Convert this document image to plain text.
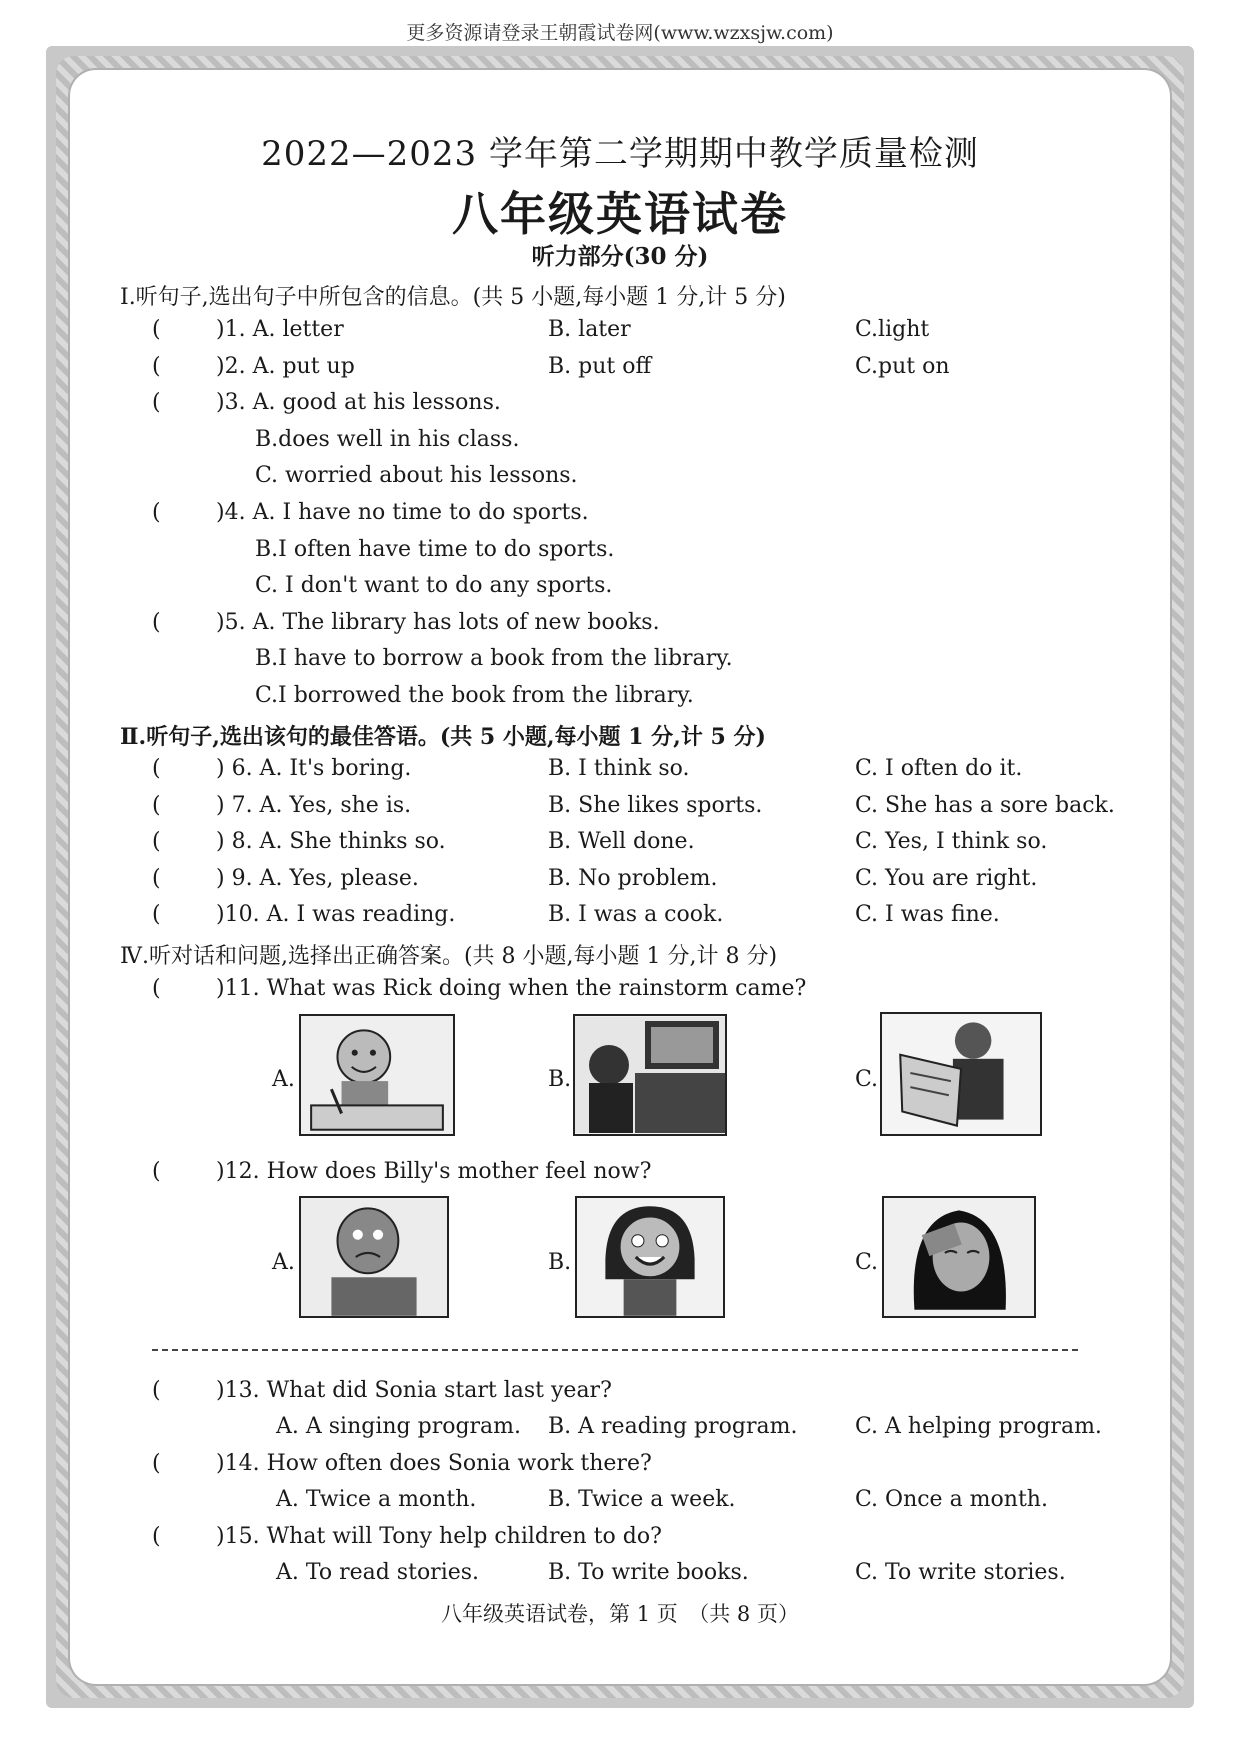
更多资源请登录王朝霞试卷网(www.wzxsjw.com)
2022—2023 学年第二学期期中教学质量检测
八年级英语试卷
听力部分(30 分)
Ⅰ.听句子,选出句子中所包含的信息。(共 5 小题,每小题 1 分,计 5 分)
(	)1. A. letter	B. later	C.light
(	)2. A. put up	B. put off	C.put on
(	)3. A. good at his lessons.
B.does well in his class.
C. worried about his lessons.
(	)4. A. I have no time to do sports.
B.I often have time to do sports.
C. I don't want to do any sports.
(	)5. A. The library has lots of new books.
B.I have to borrow a book from the library.
C.I borrowed the book from the library.
Ⅱ.听句子,选出该句的最佳答语。(共 5 小题,每小题 1 分,计 5 分)
(	) 6. A. It's boring.	B. I think so.	C. I often do it.
(	) 7. A. Yes, she is.	B. She likes sports.	C. She has a sore back.
(	) 8. A. She thinks so.	B. Well done.	C. Yes, I think so.
(	) 9. A. Yes, please.	B. No problem.	C. You are right.
(	)10. A. I was reading.	B. I was a cook.	C. I was fine.
Ⅳ.听对话和问题,选择出正确答案。(共 8 小题,每小题 1 分,计 8 分)
(	)11. What was Rick doing when the rainstorm came?
A.	B.	C.
(	)12. How does Billy's mother feel now?
A.	B.	C.
(	)13. What did Sonia start last year?
A. A singing program. B. A reading program.	C. A helping program.
(	)14. How often does Sonia work there?
A. Twice a month.	B. Twice a week.	C. Once a month.
(	)15. What will Tony help children to do?
A. To read stories.	B. To write books.	C. To write stories.
八年级英语试卷，第 1 页　（共 8 页）
